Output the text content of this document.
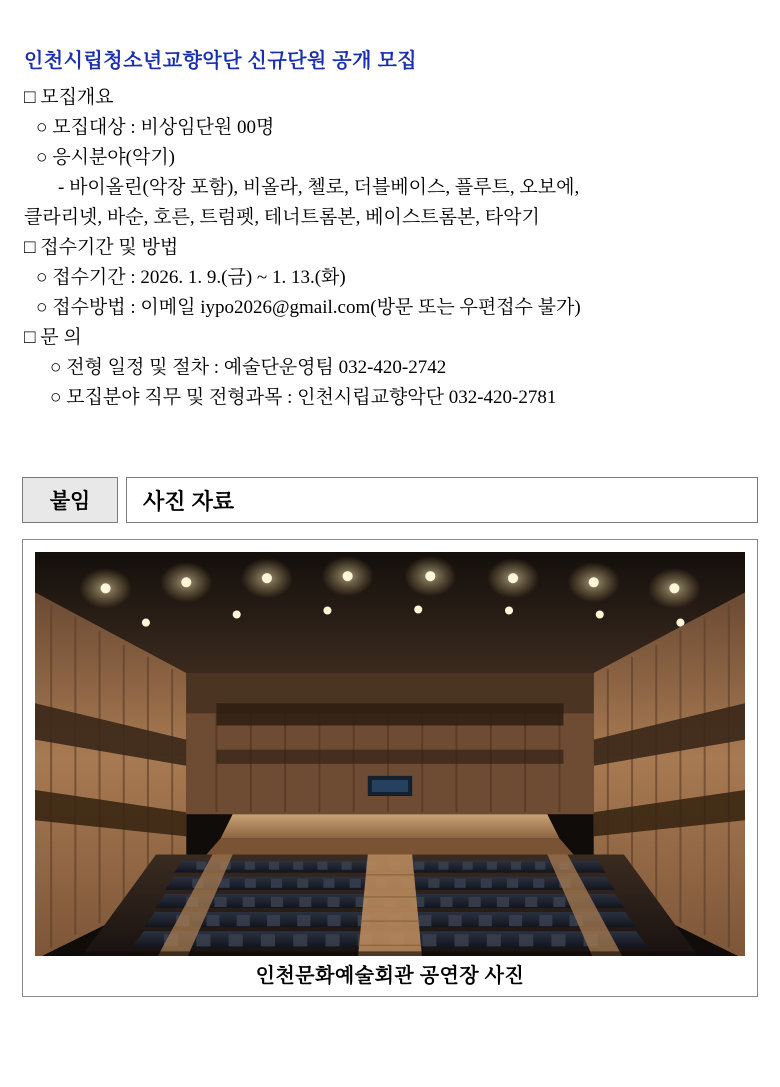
인천시립청소년교향악단 신규단원 공개 모집
□ 모집개요
○ 모집대상 : 비상임단원 00명
○ 응시분야(악기)
- 바이올린(악장 포함), 비올라, 첼로, 더블베이스, 플루트, 오보에,
클라리넷, 바순, 호른, 트럼펫, 테너트롬본, 베이스트롬본, 타악기
□ 접수기간 및 방법
○ 접수기간 : 2026. 1. 9.(금) ~ 1. 13.(화)
○ 접수방법 : 이메일 iypo2026@gmail.com(방문 또는 우편접수 불가)
□ 문 의
○ 전형 일정 및 절차 : 예술단운영팀 032-420-2742
○ 모집분야 직무 및 전형과목 : 인천시립교향악단 032-420-2781
붙임	사진 자료
인천문화예술회관 공연장 사진
